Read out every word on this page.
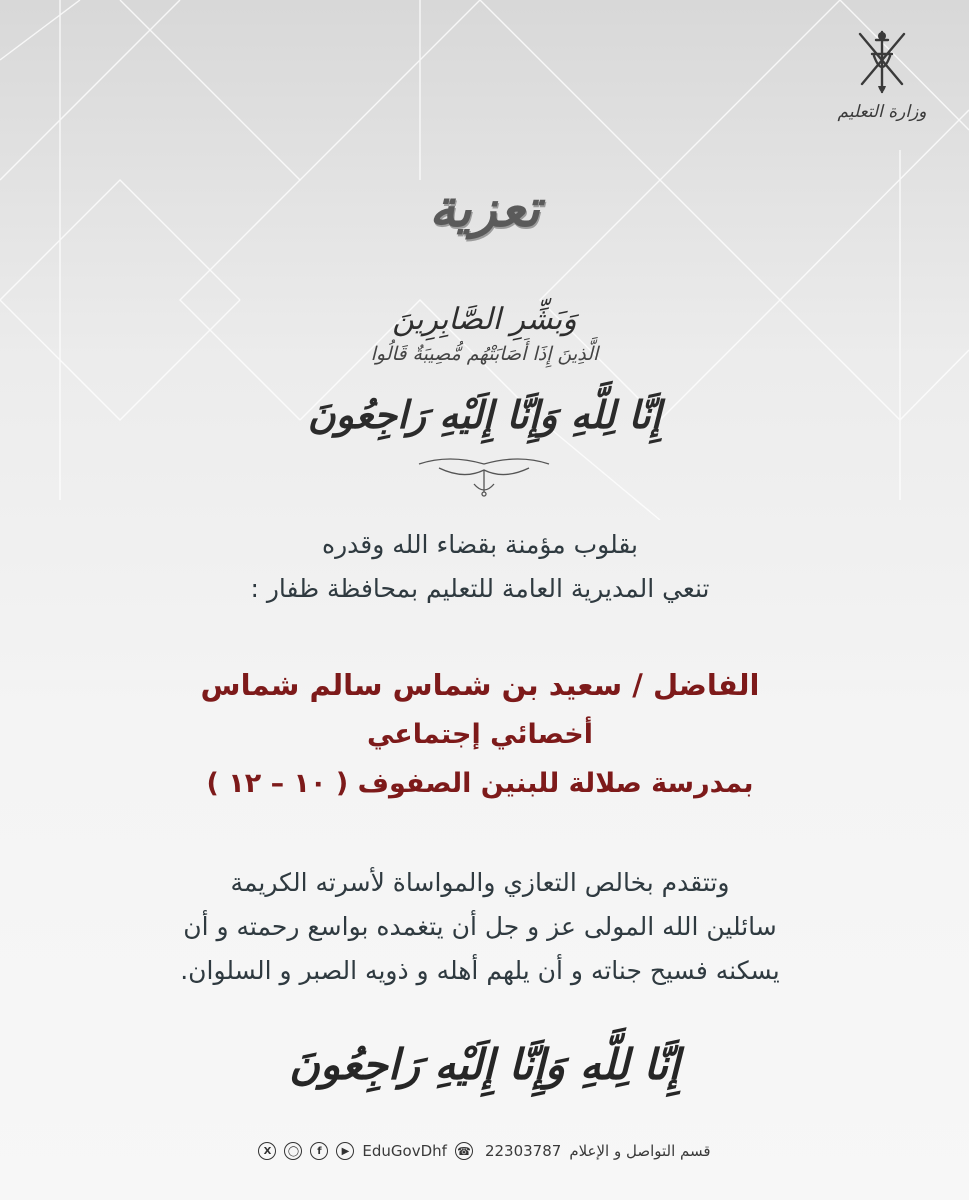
وزارة التعليم
تعزية
وَبَشِّرِ الصَّابِرِينَ
الَّذِينَ إِذَا أَصَابَتْهُم مُّصِيبَةٌ قَالُوا
إِنَّا لِلَّهِ وَإِنَّا إِلَيْهِ رَاجِعُونَ
بقلوب مؤمنة بقضاء الله وقدره
تنعي المديرية العامة للتعليم بمحافظة ظفار :
الفاضل / سعيد بن شماس سالم شماس
أخصائي إجتماعي
بمدرسة صلالة للبنين الصفوف ( ١٠ – ١٢ )
وتتقدم بخالص التعازي والمواساة لأسرته الكريمة
سائلين الله المولى عز و جل أن يتغمده بواسع رحمته و أن
يسكنه فسيح جناته و أن يلهم أهله و ذويه الصبر و السلوان.
إِنَّا لِلَّهِ وَإِنَّا إِلَيْهِ رَاجِعُونَ
قسم التواصل و الإعلام
22303787
☎
EduGovDhf
▶
f
◯
X
